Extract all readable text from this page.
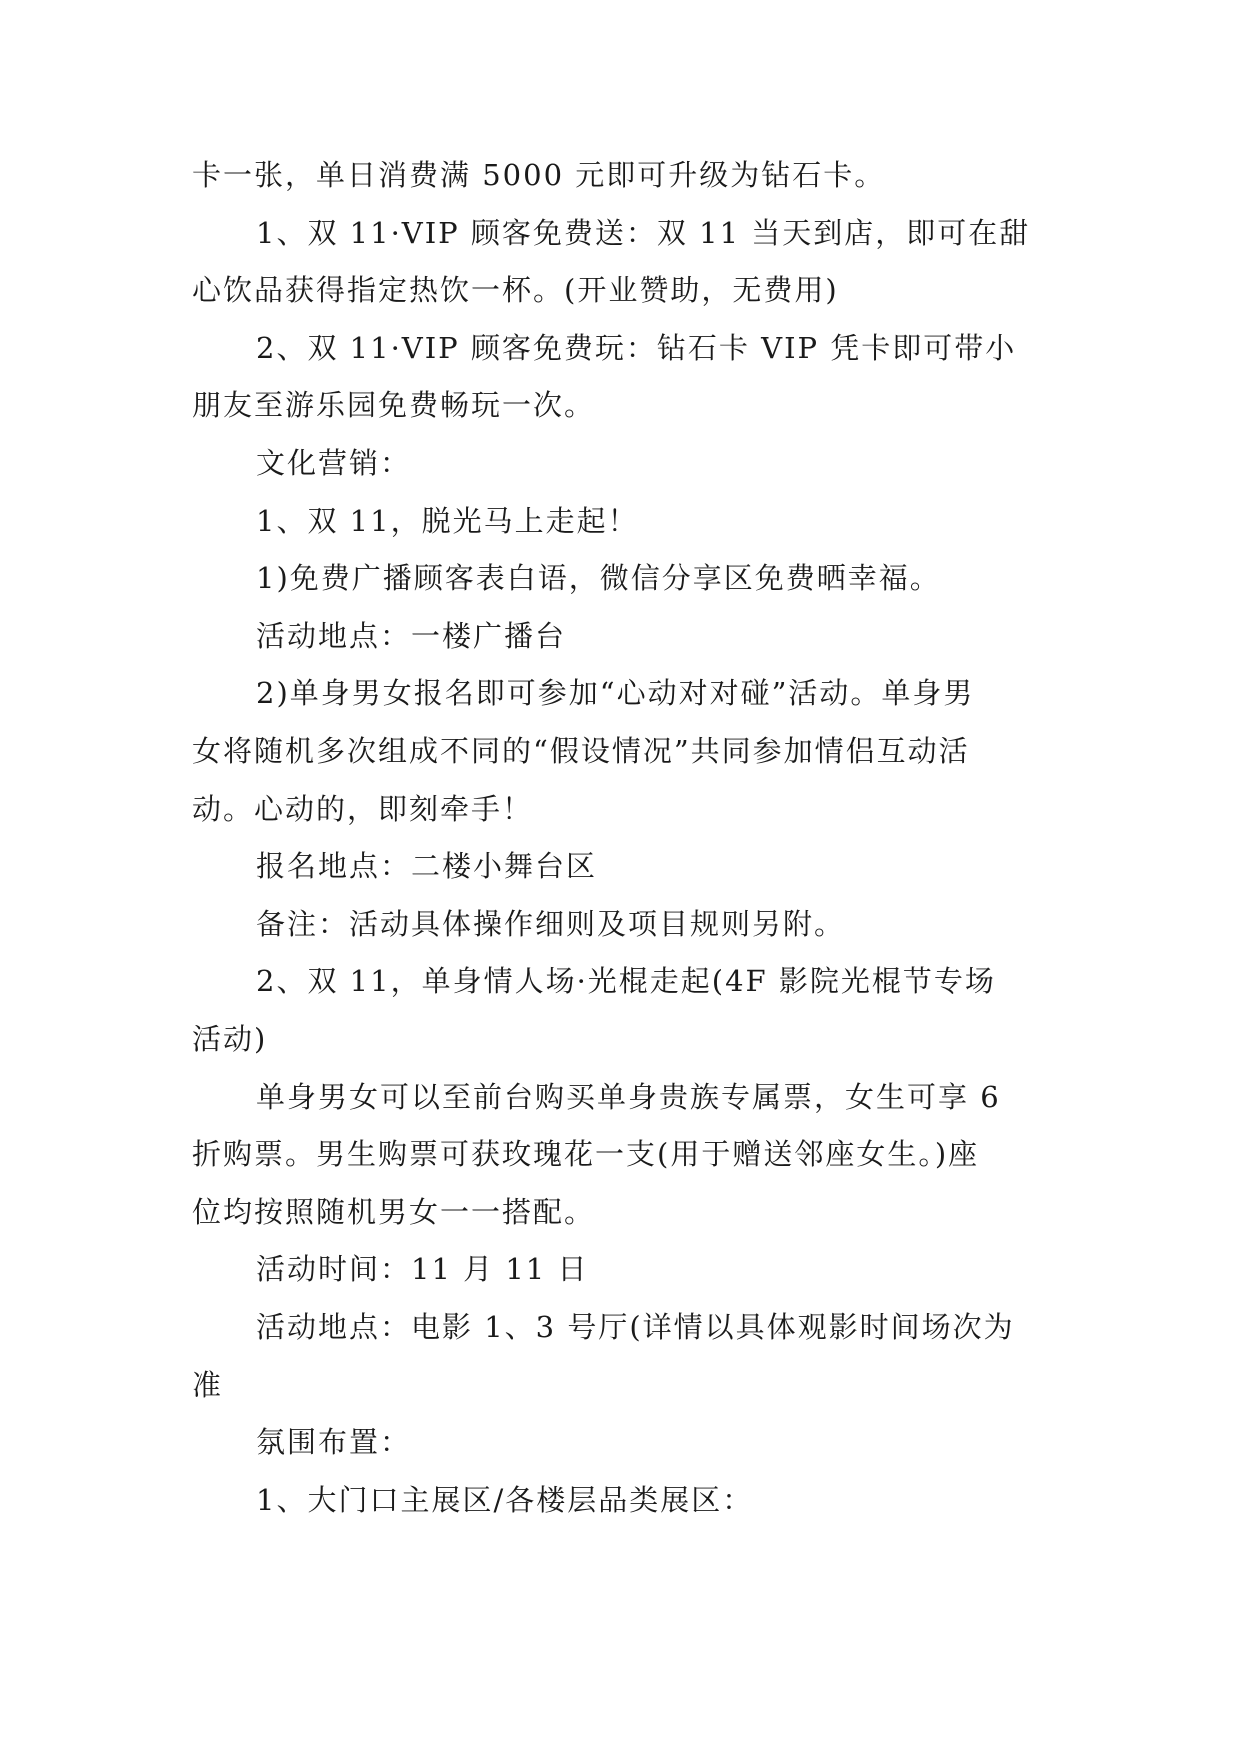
卡一张，单日消费满 5000 元即可升级为钻石卡。
1、双 11·VIP 顾客免费送：双 11 当天到店，即可在甜
心饮品获得指定热饮一杯。(开业赞助，无费用)
2、双 11·VIP 顾客免费玩：钻石卡 VIP 凭卡即可带小
朋友至游乐园免费畅玩一次。
文化营销：
1、双 11，脱光马上走起！
1)免费广播顾客表白语，微信分享区免费晒幸福。
活动地点：一楼广播台
2)单身男女报名即可参加“心动对对碰”活动。单身男
女将随机多次组成不同的“假设情况”共同参加情侣互动活
动。心动的，即刻牵手！
报名地点：二楼小舞台区
备注：活动具体操作细则及项目规则另附。
2、双 11，单身情人场·光棍走起(4F 影院光棍节专场
活动)
单身男女可以至前台购买单身贵族专属票，女生可享 6
折购票。男生购票可获玫瑰花一支(用于赠送邻座女生。)座
位均按照随机男女一一搭配。
活动时间：11 月 11 日
活动地点：电影 1、3 号厅(详情以具体观影时间场次为
准
氛围布置：
1、大门口主展区/各楼层品类展区：
